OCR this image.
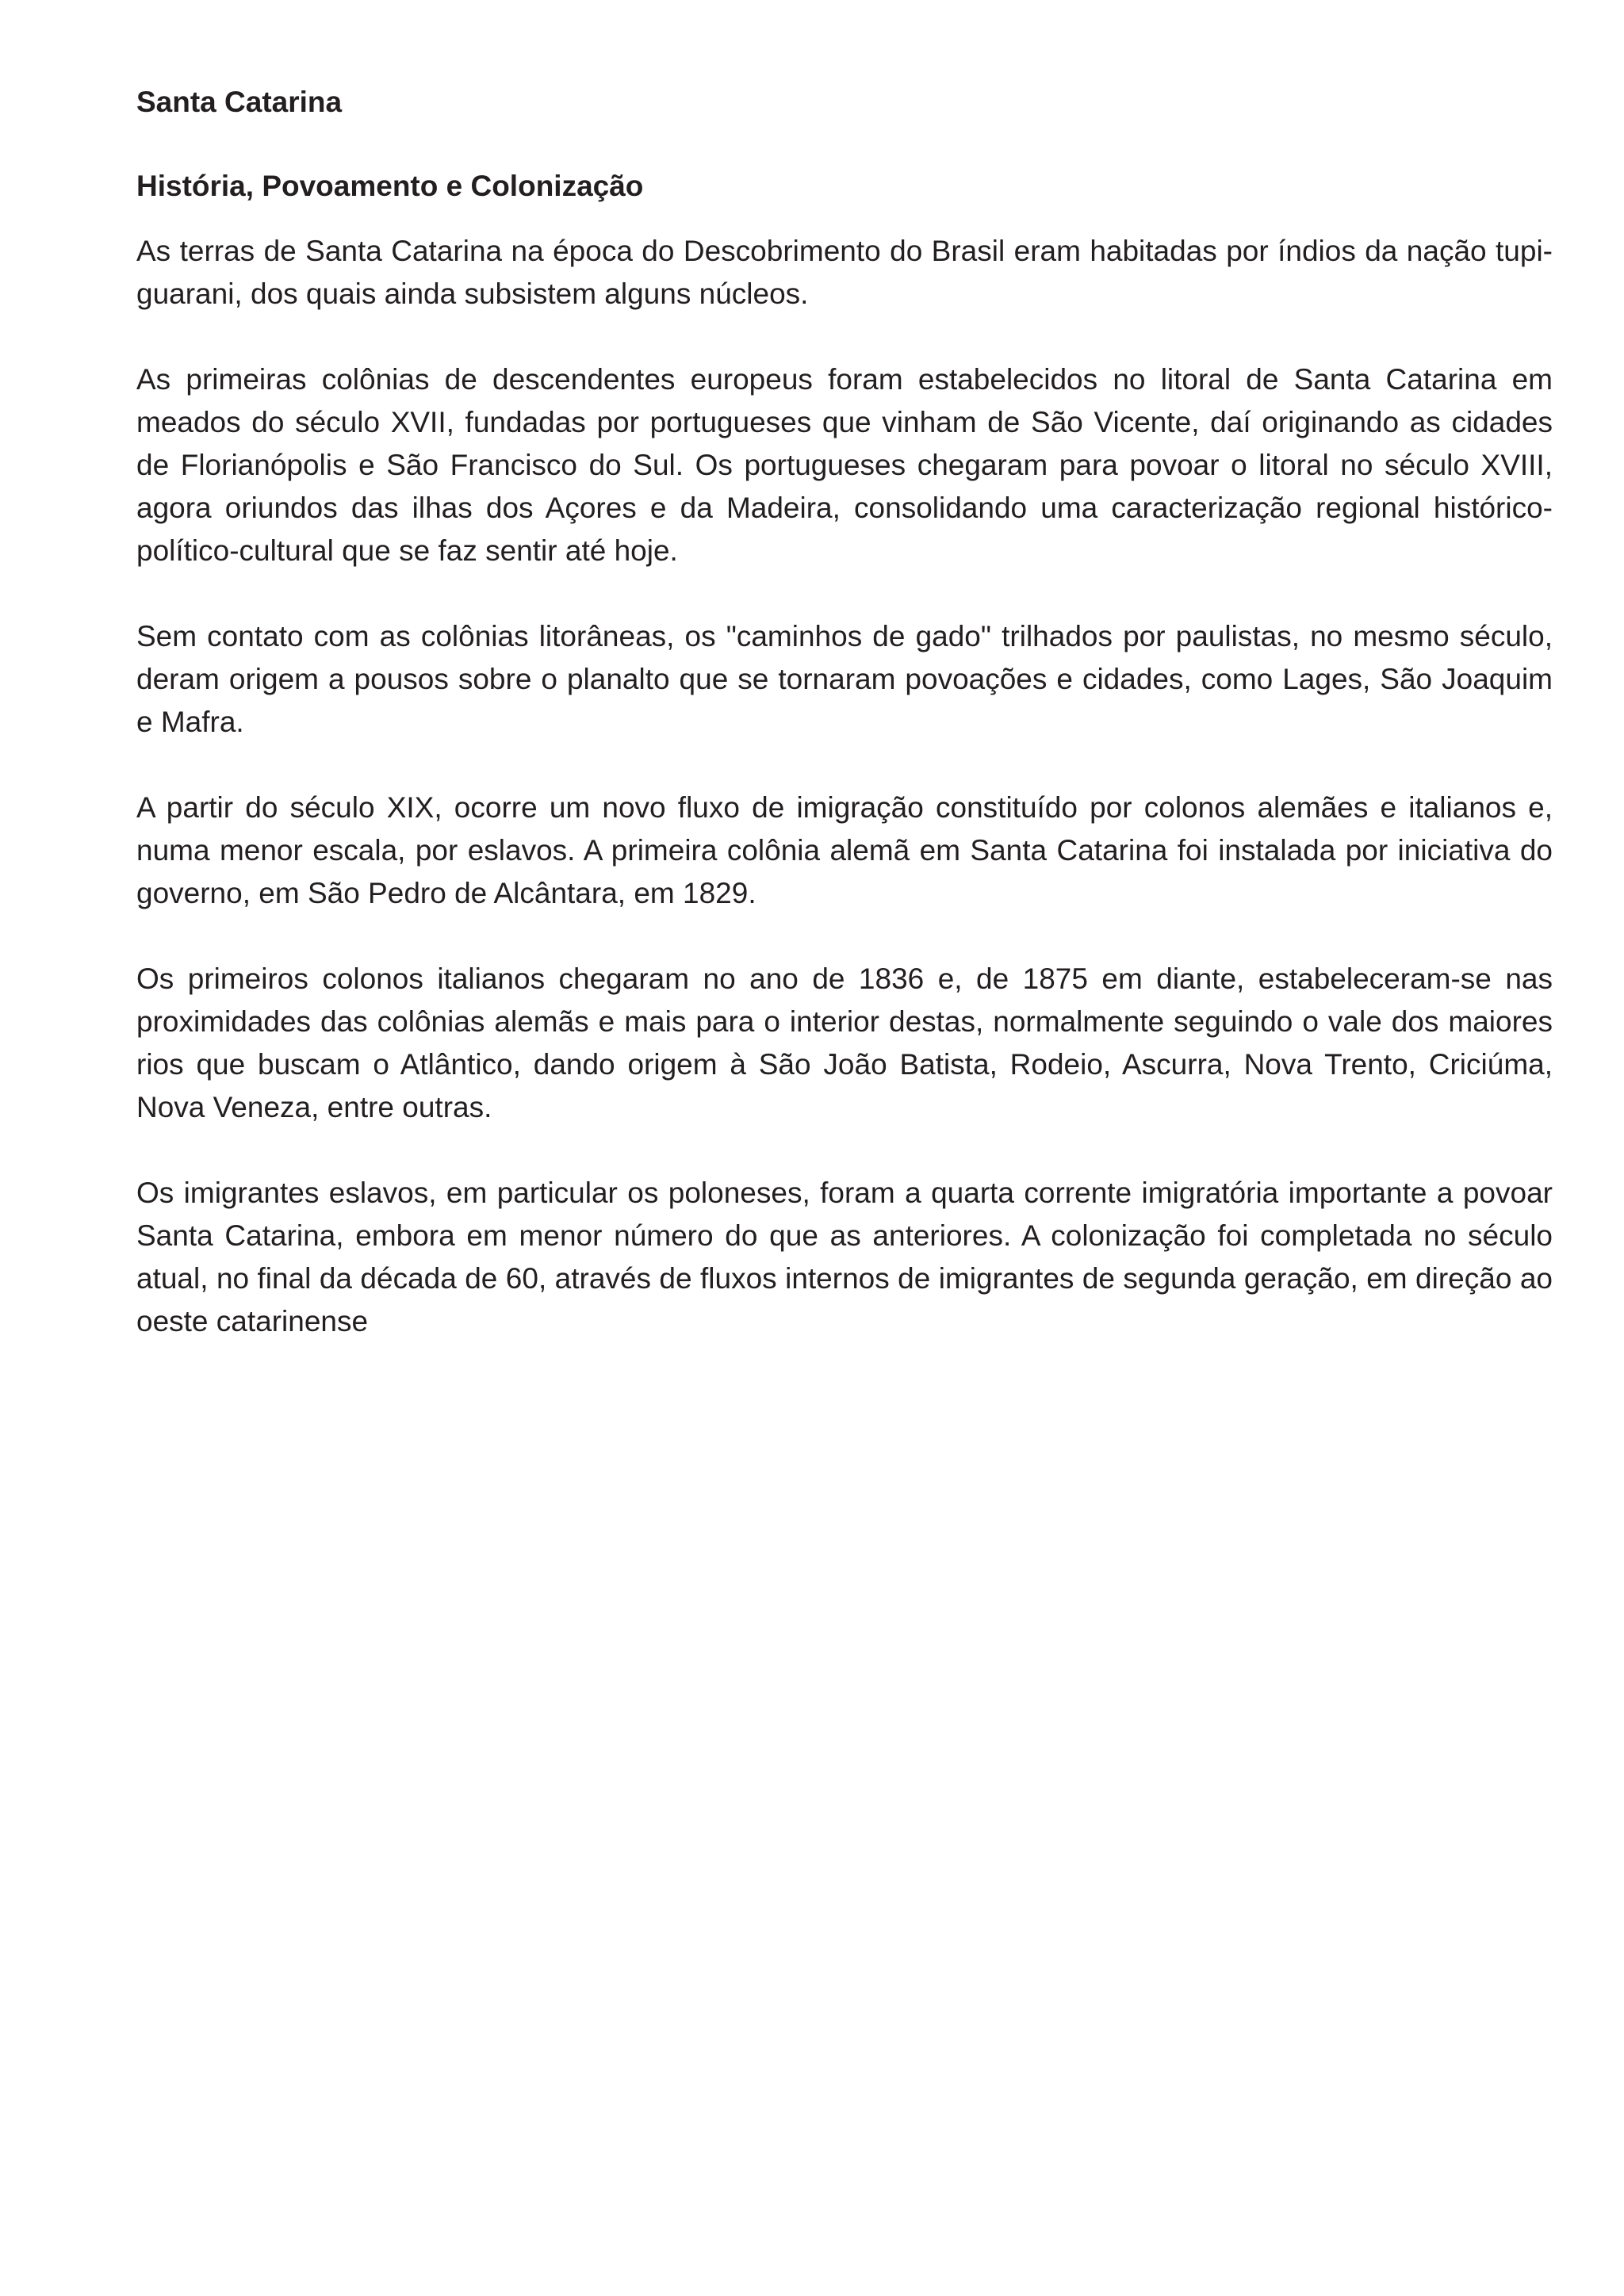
Santa Catarina
História, Povoamento e Colonização

As terras de Santa Catarina na época do Descobrimento do Brasil eram habitadas por índios da nação tupi-guarani, dos quais ainda subsistem alguns núcleos.

As primeiras colônias de descendentes europeus foram estabelecidos no litoral de Santa Catarina em meados do século XVII, fundadas por portugueses que vinham de São Vicente, daí originando as cidades de Florianópolis e São Francisco do Sul. Os portugueses chegaram para povoar o litoral no século XVIII, agora oriundos das ilhas dos Açores e da Madeira, consolidando uma caracterização regional histórico-político-cultural que se faz sentir até hoje.

Sem contato com as colônias litorâneas, os "caminhos de gado" trilhados por paulistas, no mesmo século, deram origem a pousos sobre o planalto que se tornaram povoações e cidades, como Lages, São Joaquim e Mafra.

A partir do século XIX, ocorre um novo fluxo de imigração constituído por colonos alemães e italianos e, numa menor escala, por eslavos. A primeira colônia alemã em Santa Catarina foi instalada por iniciativa do governo, em São Pedro de Alcântara, em 1829.

Os primeiros colonos italianos chegaram no ano de 1836 e, de 1875 em diante, estabeleceram-se nas proximidades das colônias alemãs e mais para o interior destas, normalmente seguindo o vale dos maiores rios que buscam o Atlântico, dando origem à São João Batista, Rodeio, Ascurra, Nova Trento, Criciúma, Nova Veneza, entre outras.

Os imigrantes eslavos, em particular os poloneses, foram a quarta corrente imigratória importante a povoar Santa Catarina, embora em menor número do que as anteriores. A colonização foi completada no século atual, no final da década de 60, através de fluxos internos de imigrantes de segunda geração, em direção ao oeste catarinense
